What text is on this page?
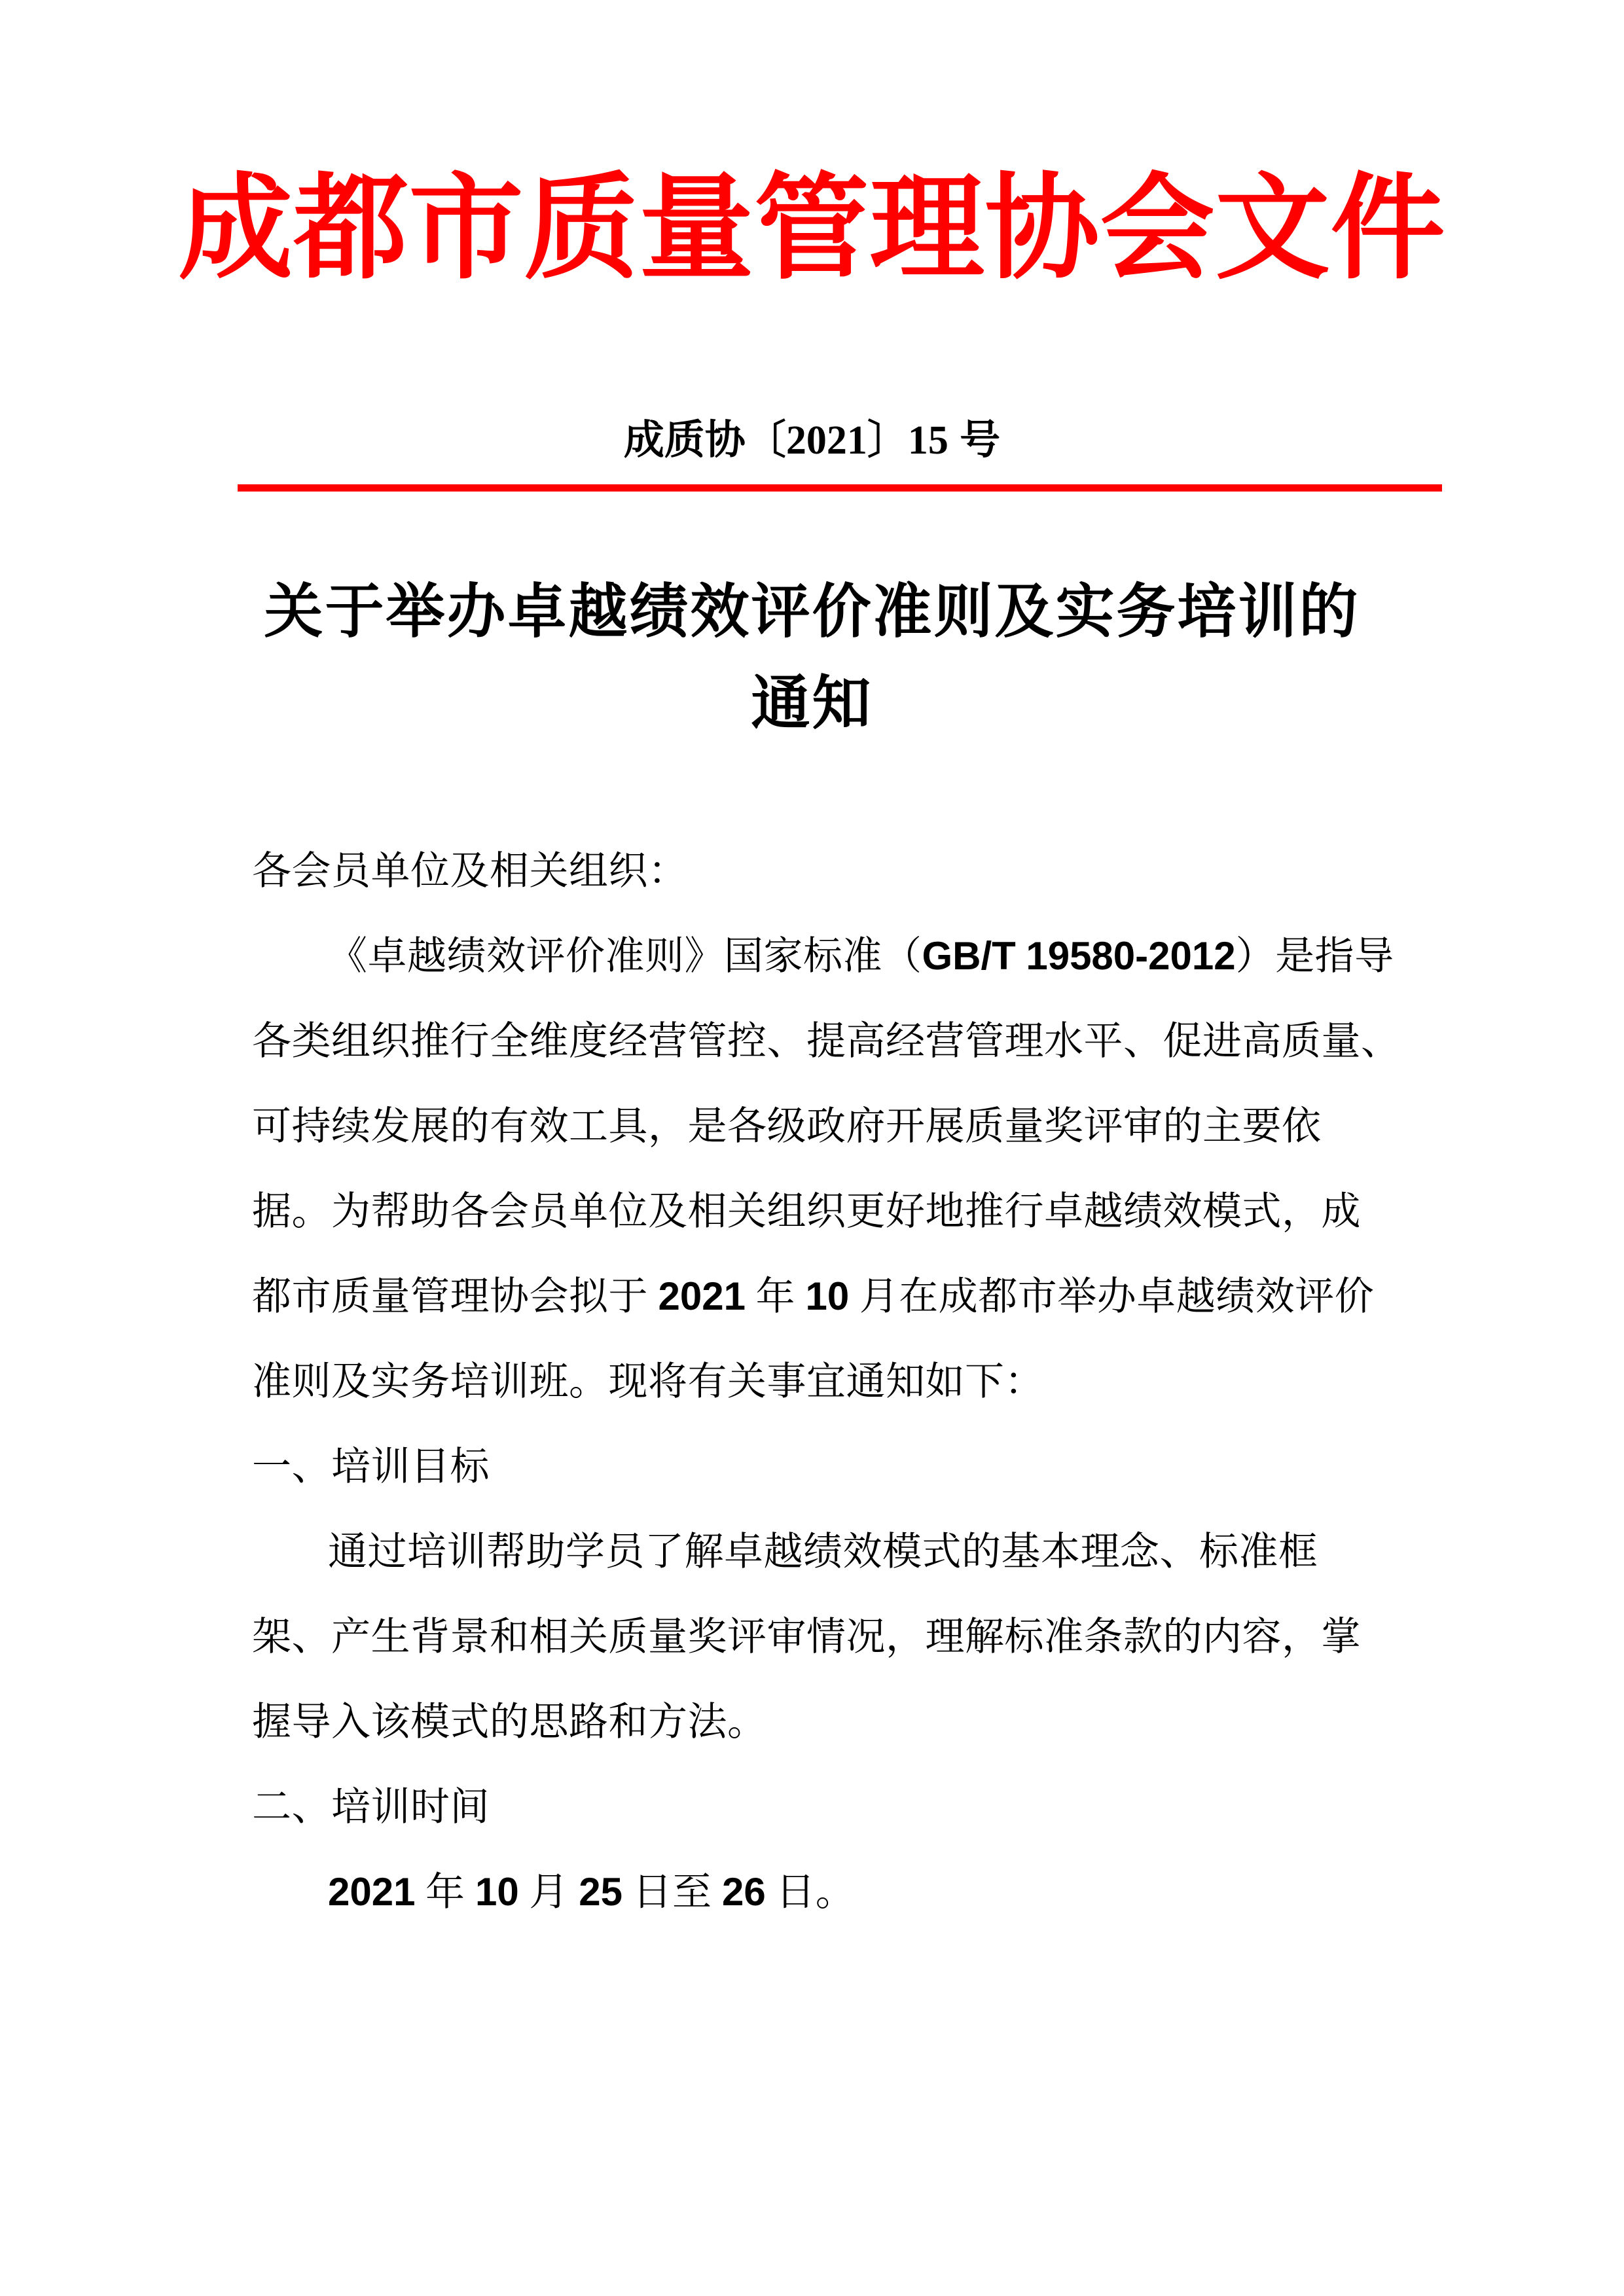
成都市质量管理协会文件
成质协〔2021〕15 号
关于举办卓越绩效评价准则及实务培训的
通知
各会员单位及相关组织：
《卓越绩效评价准则》国家标准（GB/T 19580-2012）是指导
各类组织推行全维度经营管控、提高经营管理水平、促进高质量、
可持续发展的有效工具，是各级政府开展质量奖评审的主要依
据。为帮助各会员单位及相关组织更好地推行卓越绩效模式，成
都市质量管理协会拟于 2021 年 10 月在成都市举办卓越绩效评价
准则及实务培训班。现将有关事宜通知如下：
一、培训目标
通过培训帮助学员了解卓越绩效模式的基本理念、标准框
架、产生背景和相关质量奖评审情况，理解标准条款的内容，掌
握导入该模式的思路和方法。
二、培训时间
2021 年 10 月 25 日至 26 日。
